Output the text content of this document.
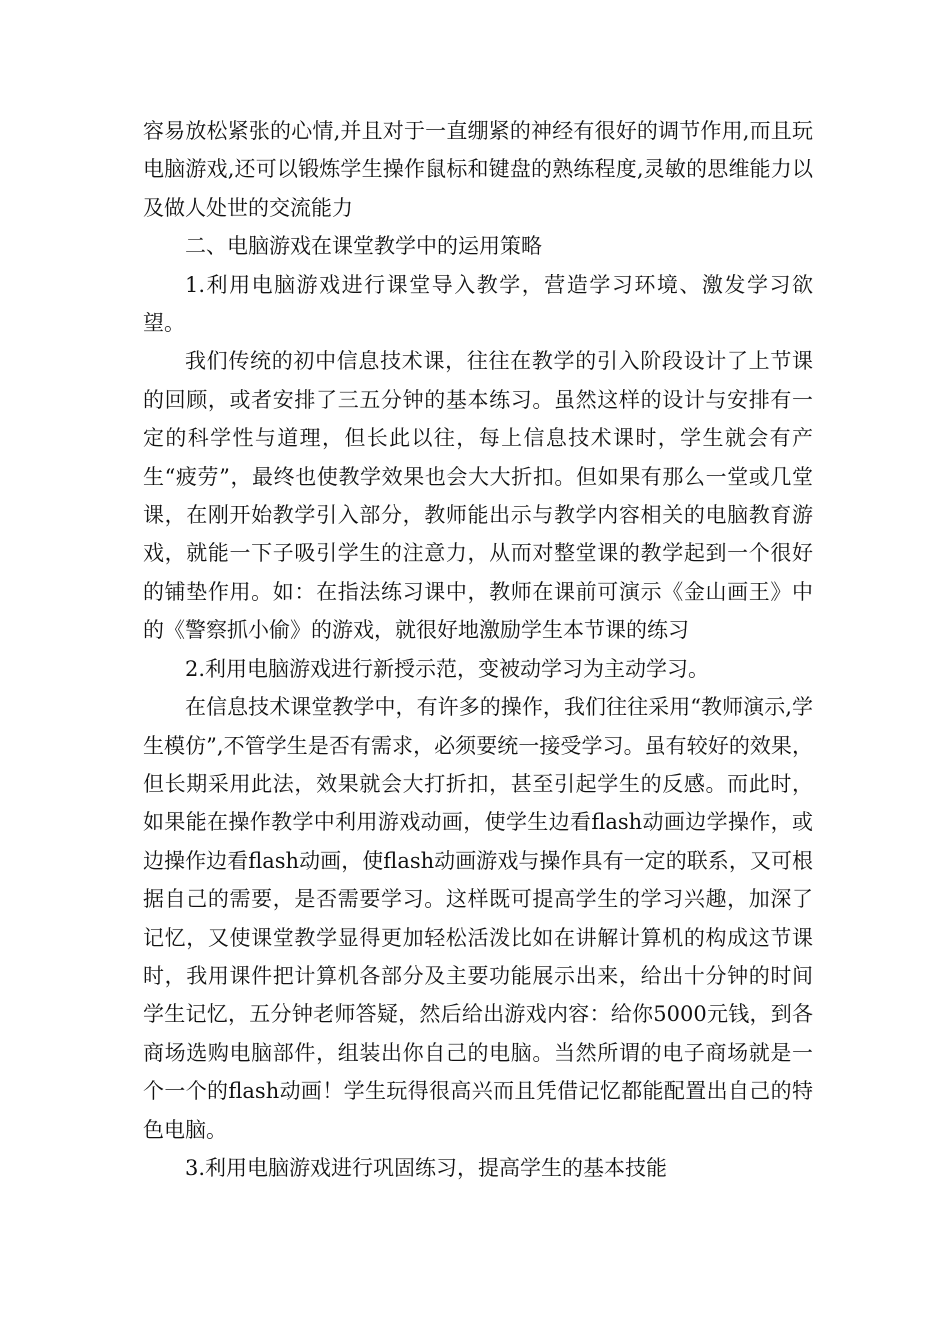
容易放松紧张的心情,并且对于一直绷紧的神经有很好的调节作用,而且玩电脑游戏,还可以锻炼学生操作鼠标和键盘的熟练程度,灵敏的思维能力以及做人处世的交流能力

二、电脑游戏在课堂教学中的运用策略

1.利用电脑游戏进行课堂导入教学，营造学习环境、激发学习欲望。

我们传统的初中信息技术课，往往在教学的引入阶段设计了上节课的回顾，或者安排了三五分钟的基本练习。虽然这样的设计与安排有一定的科学性与道理，但长此以往，每上信息技术课时，学生就会有产生“疲劳”，最终也使教学效果也会大大折扣。但如果有那么一堂或几堂课，在刚开始教学引入部分，教师能出示与教学内容相关的电脑教育游戏，就能一下子吸引学生的注意力，从而对整堂课的教学起到一个很好的铺垫作用。如：在指法练习课中，教师在课前可演示《金山画王》中的《警察抓小偷》的游戏，就很好地激励学生本节课的练习

2.利用电脑游戏进行新授示范，变被动学习为主动学习。

在信息技术课堂教学中，有许多的操作，我们往往采用“教师演示,学生模仿”,不管学生是否有需求，必须要统一接受学习。虽有较好的效果，但长期采用此法，效果就会大打折扣，甚至引起学生的反感。而此时，如果能在操作教学中利用游戏动画，使学生边看flash动画边学操作，或边操作边看flash动画，使flash动画游戏与操作具有一定的联系，又可根据自己的需要，是否需要学习。这样既可提高学生的学习兴趣，加深了记忆，又使课堂教学显得更加轻松活泼比如在讲解计算机的构成这节课时，我用课件把计算机各部分及主要功能展示出来，给出十分钟的时间学生记忆，五分钟老师答疑，然后给出游戏内容：给你5000元钱，到各商场选购电脑部件，组装出你自己的电脑。当然所谓的电子商场就是一个一个的flash动画！学生玩得很高兴而且凭借记忆都能配置出自己的特色电脑。

3.利用电脑游戏进行巩固练习，提高学生的基本技能
